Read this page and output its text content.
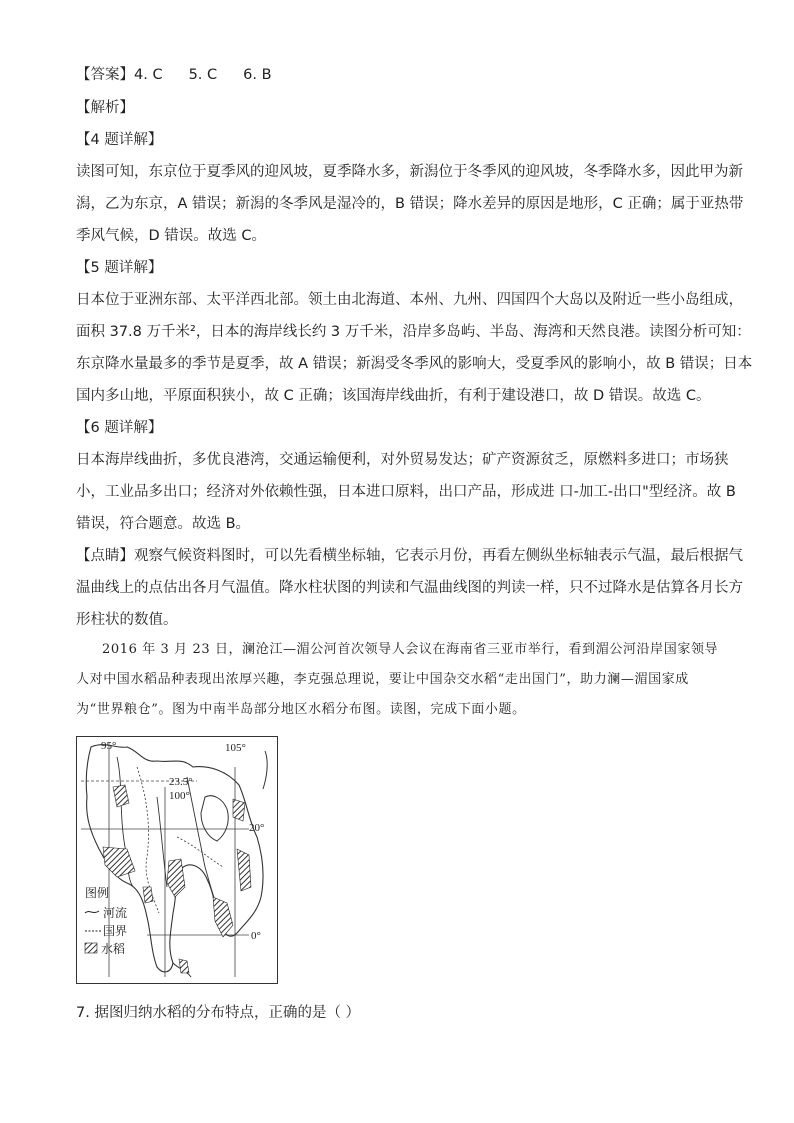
【答案】4. C 5. C 6. B
【解析】
【4 题详解】
读图可知，东京位于夏季风的迎风坡，夏季降水多，新潟位于冬季风的迎风坡，冬季降水多，因此甲为新
潟，乙为东京，A 错误；新潟的冬季风是湿冷的，B 错误；降水差异的原因是地形，C 正确；属于亚热带
季风气候，D 错误。故选 C。
【5 题详解】
日本位于亚洲东部、太平洋西北部。领土由北海道、本州、九州、四国四个大岛以及附近一些小岛组成，
面积 37.8 万千米²，日本的海岸线长约 3 万千米，沿岸多岛屿、半岛、海湾和天然良港。读图分析可知：
东京降水量最多的季节是夏季，故 A 错误；新潟受冬季风的影响大，受夏季风的影响小，故 B 错误；日本
国内多山地，平原面积狭小，故 C 正确；该国海岸线曲折，有利于建设港口，故 D 错误。故选 C。
【6 题详解】
日本海岸线曲折，多优良港湾，交通运输便利，对外贸易发达；矿产资源贫乏，原燃料多进口；市场狭
小，工业品多出口；经济对外依赖性强，日本进口原料，出口产品，形成进 口-加工-出口"型经济。故 B
错误，符合题意。故选 B。
【点睛】观察气候资料图时，可以先看横坐标轴，它表示月份，再看左侧纵坐标轴表示气温，最后根据气
温曲线上的点估出各月气温值。降水柱状图的判读和气温曲线图的判读一样，只不过降水是估算各月长方
形柱状的数值。
2016 年 3 月 23 日，澜沧江—湄公河首次领导人会议在海南省三亚市举行，看到湄公河沿岸国家领导
人对中国水稻品种表现出浓厚兴趣，李克强总理说，要让中国杂交水稻“走出国门”，助力澜—湄国家成
为“世界粮仓”。图为中南半岛部分地区水稻分布图。读图，完成下面小题。
95°	105°
23.5°
100°
20°
0°
图例
河流
国界
水稻
7. 据图归纳水稻的分布特点，正确的是（ ）
